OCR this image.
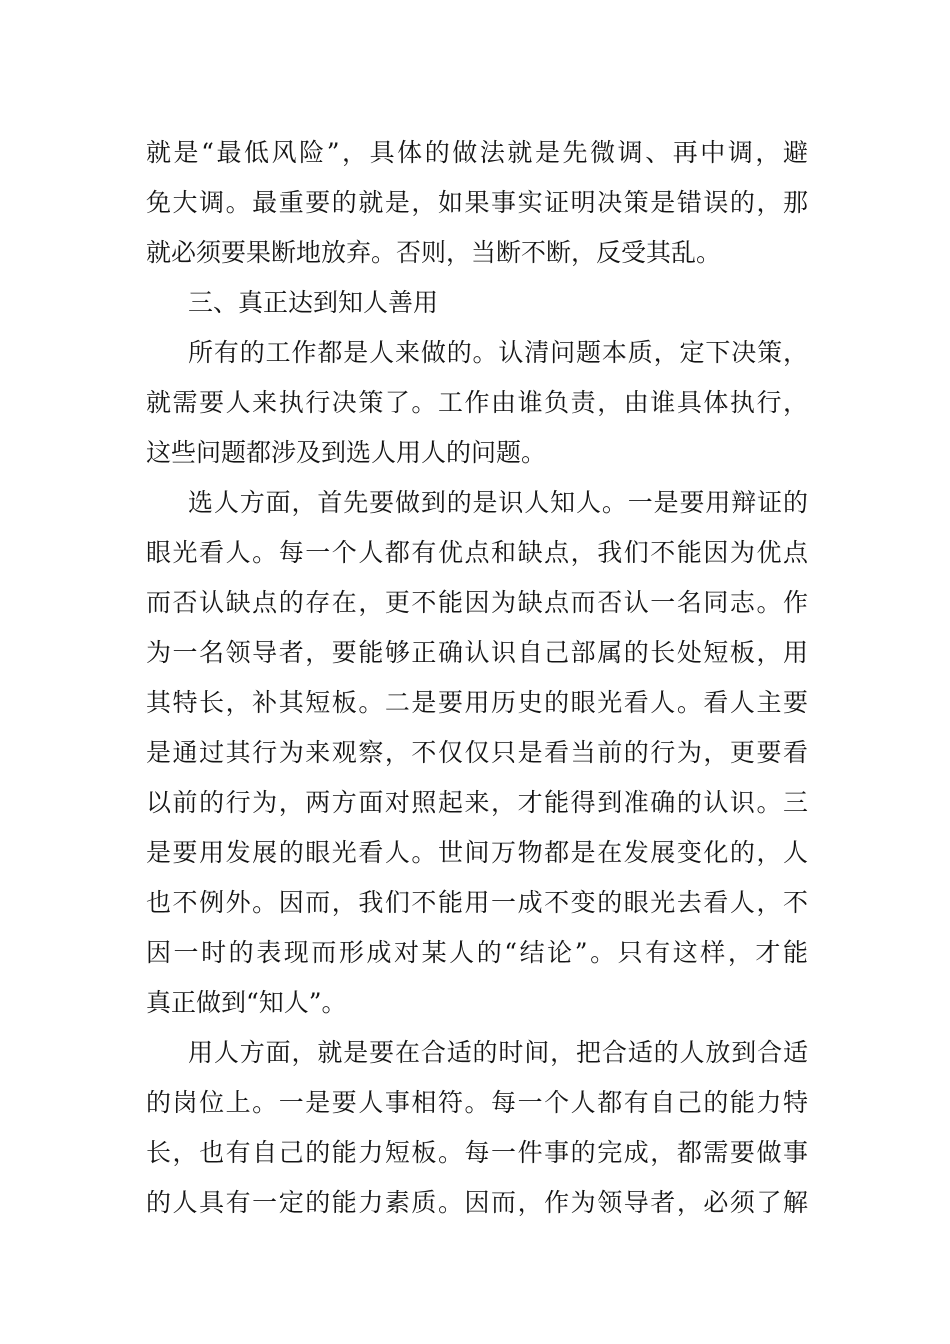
就是“最低风险”，具体的做法就是先微调、再中调，避
免大调。最重要的就是，如果事实证明决策是错误的，那
就必须要果断地放弃。否则，当断不断，反受其乱。
三、真正达到知人善用
所有的工作都是人来做的。认清问题本质，定下决策，
就需要人来执行决策了。工作由谁负责，由谁具体执行，
这些问题都涉及到选人用人的问题。
选人方面，首先要做到的是识人知人。一是要用辩证的
眼光看人。每一个人都有优点和缺点，我们不能因为优点
而否认缺点的存在，更不能因为缺点而否认一名同志。作
为一名领导者，要能够正确认识自己部属的长处短板，用
其特长，补其短板。二是要用历史的眼光看人。看人主要
是通过其行为来观察，不仅仅只是看当前的行为，更要看
以前的行为，两方面对照起来，才能得到准确的认识。三
是要用发展的眼光看人。世间万物都是在发展变化的，人
也不例外。因而，我们不能用一成不变的眼光去看人，不
因一时的表现而形成对某人的“结论”。只有这样，才能
真正做到“知人”。
用人方面，就是要在合适的时间，把合适的人放到合适
的岗位上。一是要人事相符。每一个人都有自己的能力特
长，也有自己的能力短板。每一件事的完成，都需要做事
的人具有一定的能力素质。因而，作为领导者，必须了解
